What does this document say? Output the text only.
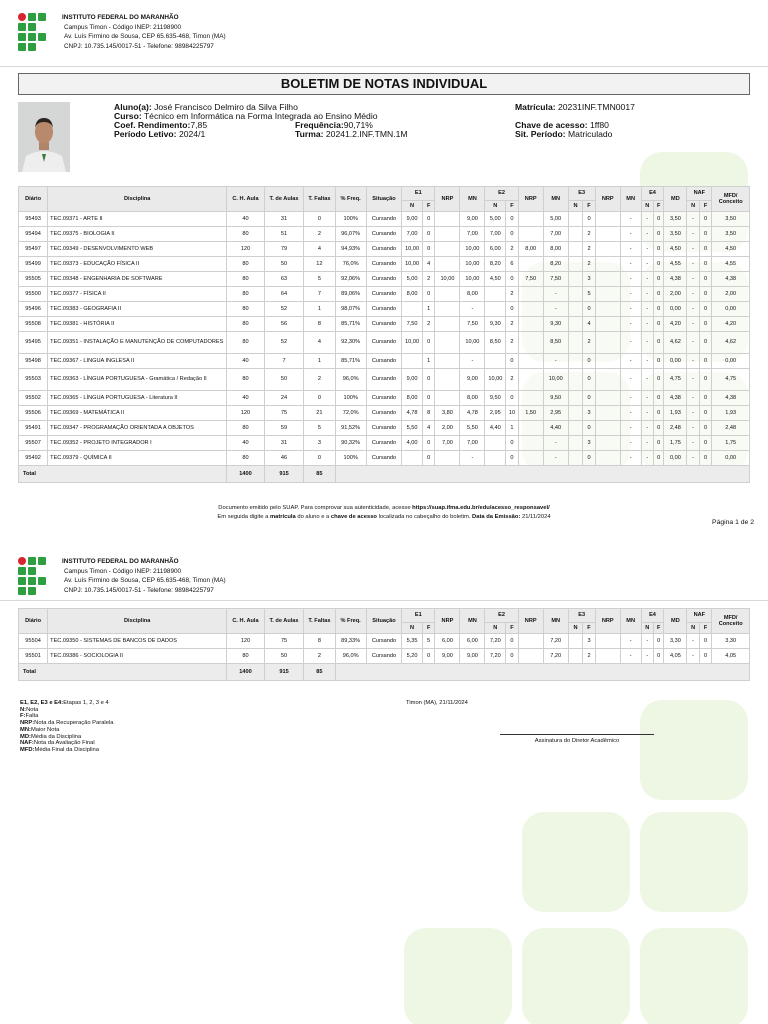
INSTITUTO FEDERAL DO MARANHÃO
Campus Timon - Código INEP: 21198900
Av. Luís Firmino de Sousa, CEP 65.635-468, Timon (MA)
CNPJ: 10.735.145/0017-51 - Telefone: 98984225797
BOLETIM DE NOTAS INDIVIDUAL
Aluno(a): José Francisco Delmiro da Silva Filho
Curso: Técnico em Informática na Forma Integrada ao Ensino Médio
Coef. Rendimento:7,85	Frequência:90,71%
Período Letivo: 2024/1	Turma: 20241.2.INF.TMN.1M
Matrícula: 20231INF.TMN0017
Chave de acesso: 1ff80
Sit. Período: Matriculado
Diário	Disciplina	C. H. Aula	T. de Aulas	T. Faltas	% Freq.	Situação	E1		NRP	MN	E2		NRP	MN	E3		NRP	MN	E4		MD	NAF		MFD/ Conceito
							N	F			N	F			N	F			N	F		N	F	
95493	TEC.09371 - ARTE II	40	31	0	100%	Cursando	9,00	0		9,00	5,00	0		5,00		0		-	-	0	3,50	-	0	3,50
95494	TEC.09375 - BIOLOGIA II	80	51	2	96,07%	Cursando	7,00	0		7,00	7,00	0		7,00		2		-	-	0	3,50	-	0	3,50
95497	TEC.09349 - DESENVOLVIMENTO WEB	120	79	4	94,93%	Cursando	10,00	0		10,00	6,00	2	8,00	8,00		2		-	-	0	4,50	-	0	4,50
95499	TEC.09373 - EDUCAÇÃO FÍSICA II	80	50	12	76,0%	Cursando	10,00	4		10,00	8,20	6		8,20		2		-	-	0	4,55	-	0	4,55
95505	TEC.09348 - ENGENHARIA DE SOFTWARE	80	63	5	92,06%	Cursando	5,00	2	10,00	10,00	4,50	0	7,50	7,50		3		-	-	0	4,38	-	0	4,38
95500	TEC.09377 - FÍSICA II	80	64	7	89,06%	Cursando	8,00	0		8,00		2		-		5		-	-	0	2,00	-	0	2,00
95496	TEC.09383 - GEOGRAFIA II	80	52	1	98,07%	Cursando		1		-		0		-		0		-	-	0	0,00	-	0	0,00
95508	TEC.09381 - HISTÓRIA II	80	56	8	85,71%	Cursando	7,50	2		7,50	9,30	2		9,30		4		-	-	0	4,20	-	0	4,20
95495	TEC.09351 - INSTALAÇÃO E MANUTENÇÃO DE COMPUTADORES	80	52	4	92,30%	Cursando	10,00	0		10,00	8,50	2		8,50		2		-	-	0	4,62	-	0	4,62
95498	TEC.09367 - LINGUA INGLESA II	40	7	1	85,71%	Cursando		1		-		0		-		0		-	-	0	0,00	-	0	0,00
95503	TEC.09363 - LÍNGUA PORTUGUESA - Gramática / Redação II	80	50	2	96,0%	Cursando	9,00	0		9,00	10,00	2		10,00		0		-	-	0	4,75	-	0	4,75
95502	TEC.09365 - LÍNGUA PORTUGUESA - Literatura II	40	24	0	100%	Cursando	8,00	0		8,00	9,50	0		9,50		0		-	-	0	4,38	-	0	4,38
95506	TEC.09369 - MATEMÁTICA II	120	75	21	72,0%	Cursando	4,78	8	3,80	4,78	2,95	10	1,50	2,95		3		-	-	0	1,93	-	0	1,93
95491	TEC.09347 - PROGRAMAÇÃO ORIENTADA A OBJETOS	80	59	5	91,52%	Cursando	5,50	4	2,00	5,50	4,40	1		4,40		0		-	-	0	2,48	-	0	2,48
95507	TEC.09352 - PROJETO INTEGRADOR I	40	31	3	90,32%	Cursando	4,00	0	7,00	7,00		0		-		3		-	-	0	1,75	-	0	1,75
95492	TEC.09379 - QUÍMICA II	80	46	0	100%	Cursando		0		-		0		-		0		-	-	0	0,00	-	0	0,00
Total		1400	915	85																				
Documento emitido pelo SUAP. Para comprovar sua autenticidade, acesse https://suap.ifma.edu.br/edu/acesso_responsavel/
Em seguida digite a matrícula do aluno e a chave de acesso localizada no cabeçalho do boletim. Data da Emissão: 21/11/2024
Página 1 de 2
INSTITUTO FEDERAL DO MARANHÃO
Campus Timon - Código INEP: 21198900
Av. Luís Firmino de Sousa, CEP 65.635-468, Timon (MA)
CNPJ: 10.735.145/0017-51 - Telefone: 98984225797
Diário	Disciplina	C. H. Aula	T. de Aulas	T. Faltas	% Freq.	Situação	E1		NRP	MN	E2		NRP	MN	E3		NRP	MN	E4		MD	NAF		MFD/ Conceito
							N	F			N	F			N	F			N	F		N	F	
95504	TEC.09350 - SISTEMAS DE BANCOS DE DADOS	120	75	8	89,33%	Cursando	5,35	5	6,00	6,00	7,20	0		7,20		3		-	-	0	3,30	-	0	3,30
95501	TEC.09386 - SOCIOLOGIA II	80	50	2	96,0%	Cursando	5,20	0	9,00	9,00	7,20	0		7,20		2		-	-	0	4,05	-	0	4,05
Total		1400	915	85																				
E1, E2, E3 e E4:Etapas 1, 2, 3 e 4
N:Nota
F:Falta
NRP:Nota da Recuperação Paralela
MN:Maior Nota
MD:Média da Disciplina
NAF:Nota da Avaliação Final
MFD:Média Final da Disciplina
Timon (MA), 21/11/2024
Assinatura do Diretor Acadêmico
